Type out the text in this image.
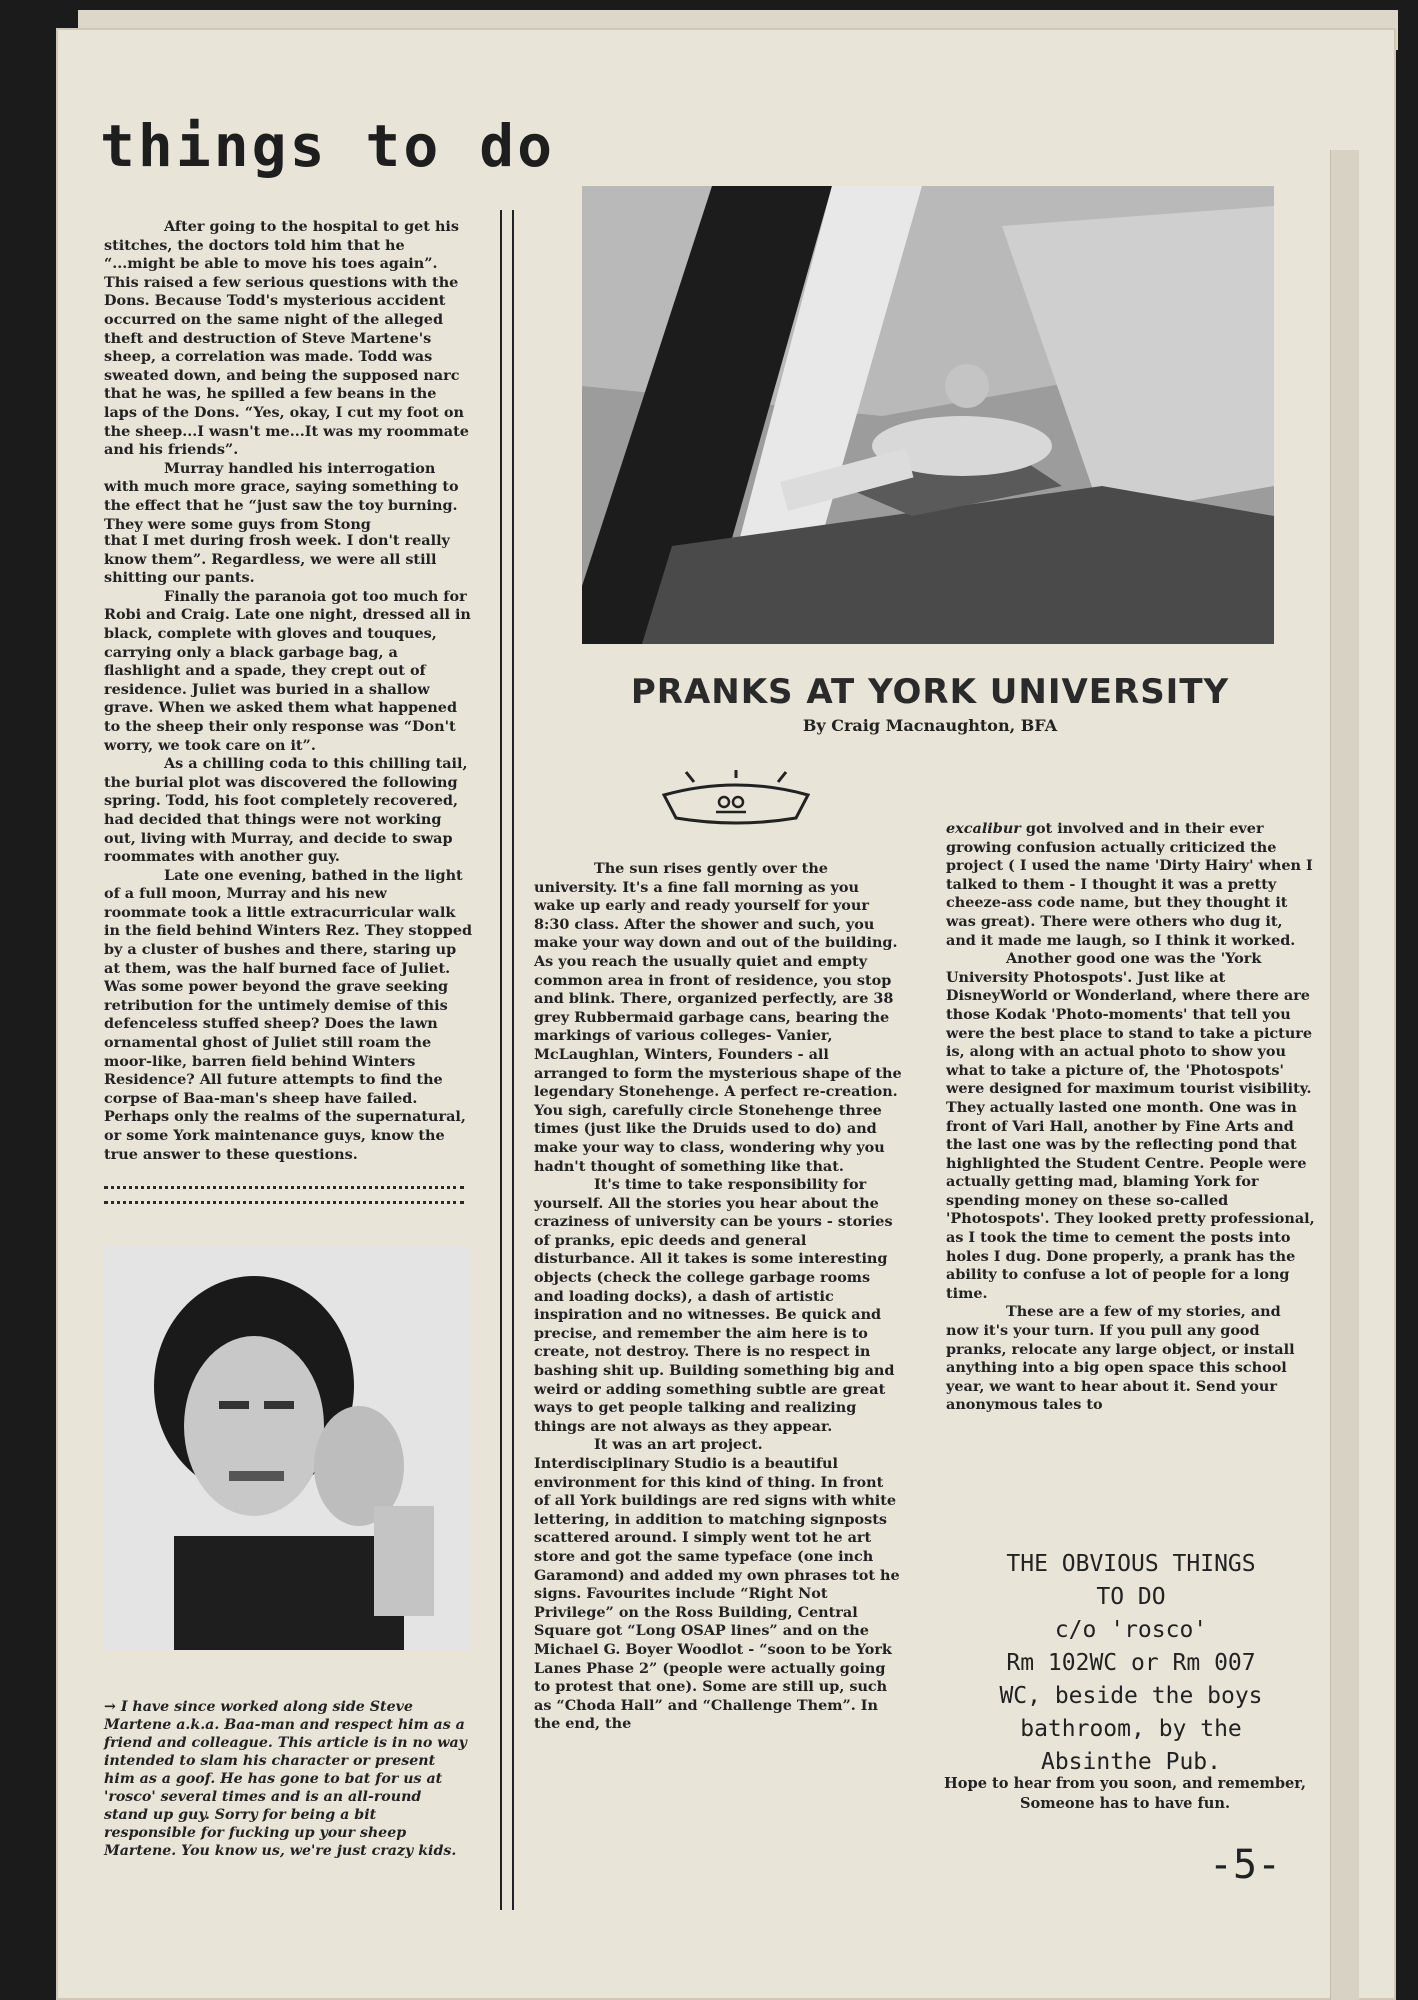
things to do

After going to the hospital to get his stitches, the doctors told him that he “...might be able to move his toes again”. This raised a few serious questions with the Dons. Because Todd's mysterious accident occurred on the same night of the alleged theft and destruction of Steve Martene's sheep, a correlation was made. Todd was sweated down, and being the supposed narc that he was, he spilled a few beans in the laps of the Dons. “Yes, okay, I cut my foot on the sheep...I wasn't me...It was my roommate and his friends”.

Murray handled his interrogation with much more grace, saying something to the effect that he “just saw the toy burning. They were some guys from Stong

that I met during frosh week. I don't really know them”. Regardless, we were all still shitting our pants.

Finally the paranoia got too much for Robi and Craig. Late one night, dressed all in black, complete with gloves and touques, carrying only a black garbage bag, a flashlight and a spade, they crept out of residence. Juliet was buried in a shallow grave. When we asked them what happened to the sheep their only response was “Don't worry, we took care on it”.

As a chilling coda to this chilling tail, the burial plot was discovered the following spring. Todd, his foot completely recovered, had decided that things were not working out, living with Murray, and decide to swap roommates with another guy.

Late one evening, bathed in the light of a full moon, Murray and his new roommate took a little extracurricular walk in the field behind Winters Rez. They stopped by a cluster of bushes and there, staring up at them, was the half burned face of Juliet. Was some power beyond the grave seeking retribution for the untimely demise of this defenceless stuffed sheep? Does the lawn ornamental ghost of Juliet still roam the moor-like, barren field behind Winters Residence? All future attempts to find the corpse of Baa-man's sheep have failed. Perhaps only the realms of the supernatural, or some York maintenance guys, know the true answer to these questions.

PRANKS AT YORK UNIVERSITY
By Craig Macnaughton, BFA

The sun rises gently over the university. It's a fine fall morning as you wake up early and ready yourself for your 8:30 class. After the shower and such, you make your way down and out of the building. As you reach the usually quiet and empty common area in front of residence, you stop and blink. There, organized perfectly, are 38 grey Rubbermaid garbage cans, bearing the markings of various colleges- Vanier, McLaughlan, Winters, Founders - all arranged to form the mysterious shape of the legendary Stonehenge. A perfect re-creation. You sigh, carefully circle Stonehenge three times (just like the Druids used to do) and make your way to class, wondering why you hadn't thought of something like that.

It's time to take responsibility for yourself. All the stories you hear about the craziness of university can be yours - stories of pranks, epic deeds and general disturbance. All it takes is some interesting objects (check the college garbage rooms and loading docks), a dash of artistic inspiration and no witnesses. Be quick and precise, and remember the aim here is to create, not destroy. There is no respect in bashing shit up. Building something big and weird or adding something subtle are great ways to get people talking and realizing things are not always as they appear.

It was an art project.

Interdisciplinary Studio is a beautiful environment for this kind of thing. In front of all York buildings are red signs with white lettering, in addition to matching signposts scattered around. I simply went tot he art store and got the same typeface (one inch Garamond) and added my own phrases tot he signs. Favourites include “Right Not Privilege” on the Ross Building, Central Square got “Long OSAP lines” and on the Michael G. Boyer Woodlot - “soon to be York Lanes Phase 2” (people were actually going to protest that one). Some are still up, such as “Choda Hall” and “Challenge Them”. In the end, the

excalibur got involved and in their ever growing confusion actually criticized the project ( I used the name 'Dirty Hairy' when I talked to them - I thought it was a pretty cheeze-ass code name, but they thought it was great). There were others who dug it, and it made me laugh, so I think it worked.

Another good one was the 'York University Photospots'. Just like at DisneyWorld or Wonderland, where there are those Kodak 'Photo-moments' that tell you were the best place to stand to take a picture is, along with an actual photo to show you what to take a picture of, the 'Photospots' were designed for maximum tourist visibility. They actually lasted one month. One was in front of Vari Hall, another by Fine Arts and the last one was by the reflecting pond that highlighted the Student Centre. People were actually getting mad, blaming York for spending money on these so-called 'Photospots'. They looked pretty professional, as I took the time to cement the posts into holes I dug. Done properly, a prank has the ability to confuse a lot of people for a long time.

These are a few of my stories, and now it's your turn. If you pull any good pranks, relocate any large object, or install anything into a big open space this school year, we want to hear about it. Send your anonymous tales to

THE OBVIOUS THINGS
TO DO
c/o 'rosco'
Rm 102WC or Rm 007
WC, beside the boys
bathroom, by the
Absinthe Pub.
Hope to hear from you soon, and remember, Someone has to have fun.
→ I have since worked along side Steve Martene a.k.a. Baa-man and respect him as a friend and colleague. This article is in no way intended to slam his character or present him as a goof. He has gone to bat for us at 'rosco' several times and is an all-round stand up guy. Sorry for being a bit responsible for fucking up your sheep Martene. You know us, we're just crazy kids.	-5-
